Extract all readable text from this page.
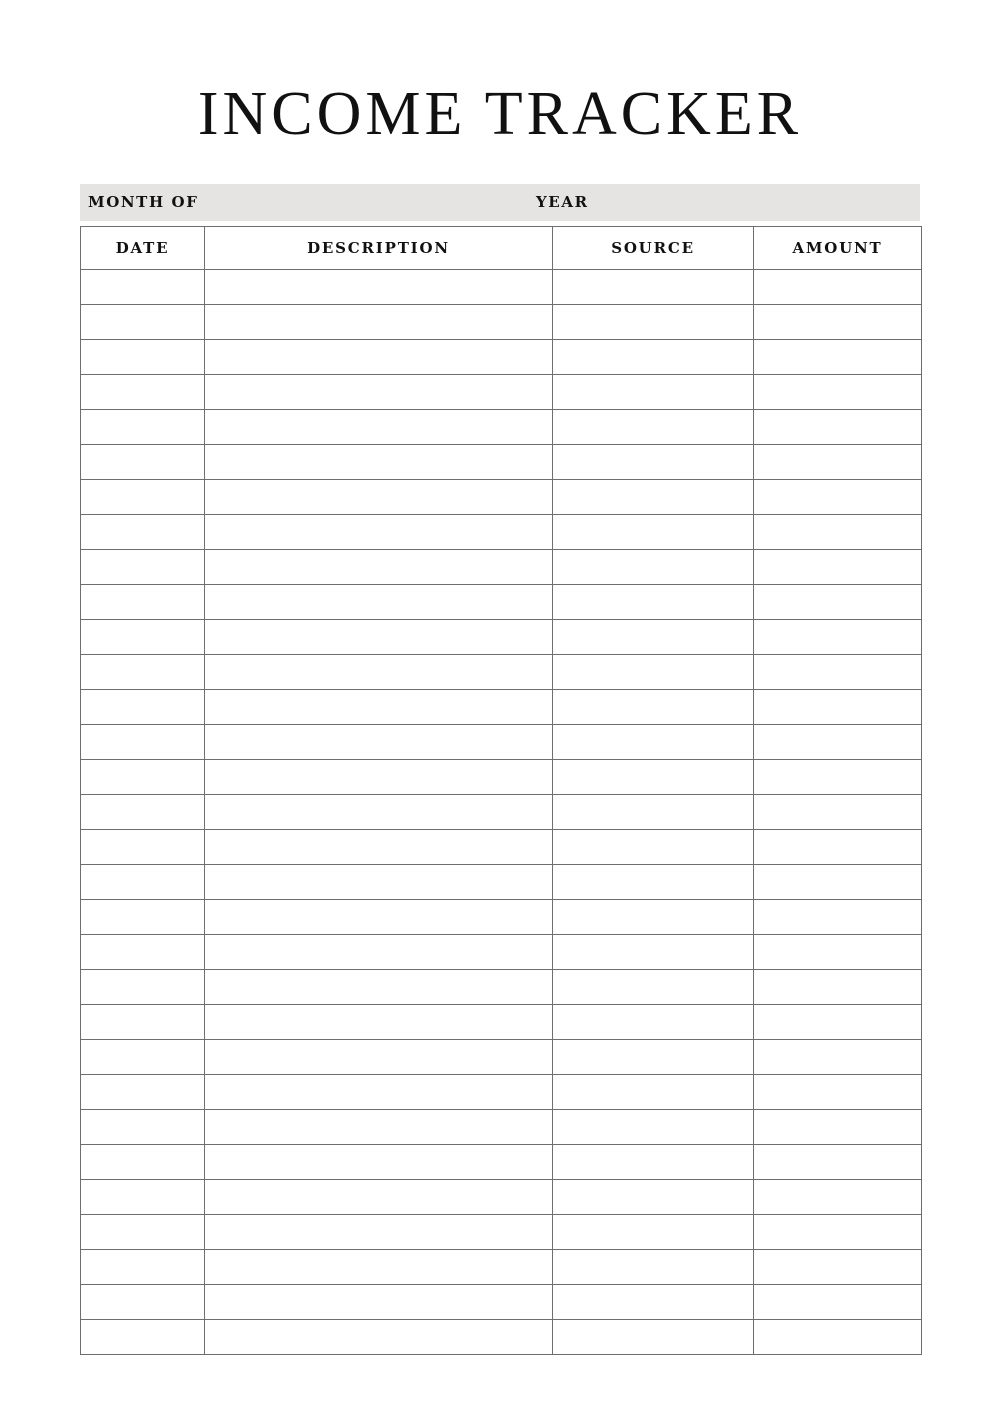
INCOME TRACKER
MONTH OF	YEAR
DATE	DESCRIPTION	SOURCE	AMOUNT
